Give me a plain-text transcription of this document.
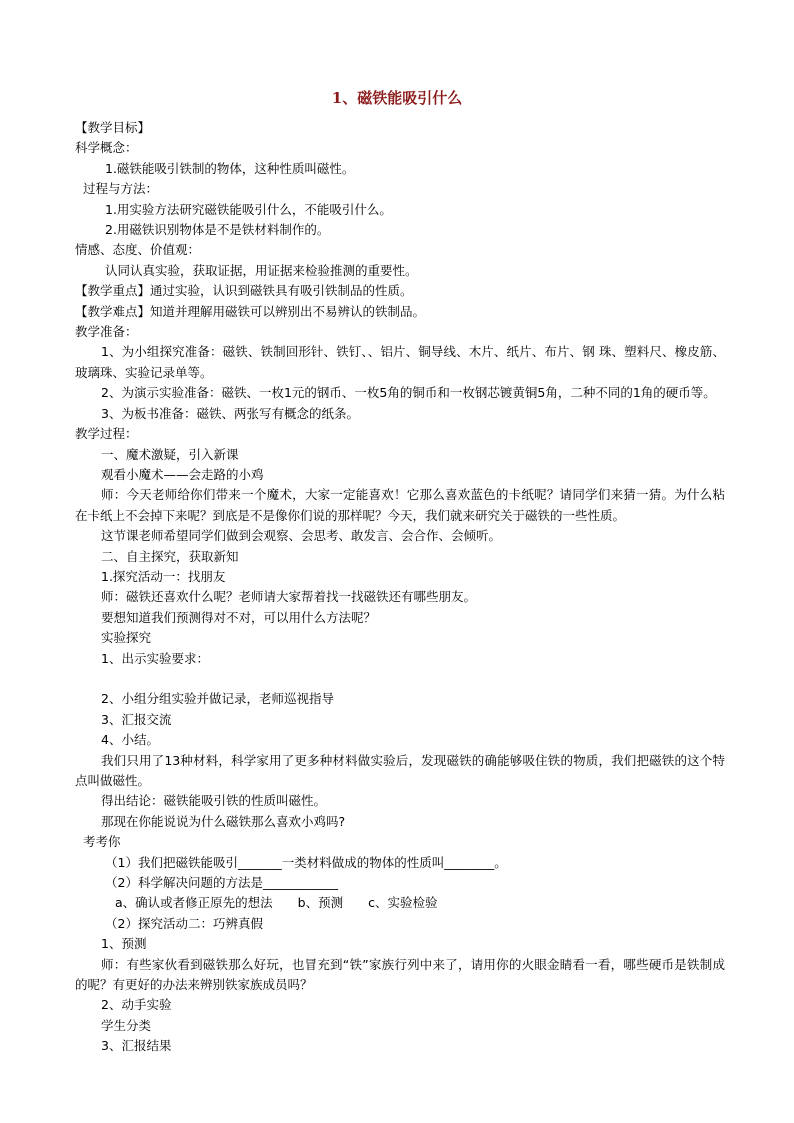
1、磁铁能吸引什么

【教学目标】

科学概念：

1.磁铁能吸引铁制的物体，这种性质叫磁性。

过程与方法：

1.用实验方法研究磁铁能吸引什么，不能吸引什么。

2.用磁铁识别物体是不是铁材料制作的。

情感、态度、价值观：

认同认真实验，获取证据，用证据来检验推测的重要性。

【教学重点】通过实验，认识到磁铁具有吸引铁制品的性质。

【教学难点】知道并理解用磁铁可以辨别出不易辨认的铁制品。

教学准备：

1、为小组探究准备：磁铁、铁制回形针、铁钉、、铝片、铜导线、木片、纸片、布片、钢 珠、塑料尺、橡皮筋、玻璃珠、实验记录单等。

2、为演示实验准备：磁铁、一枚1元的钢币、一枚5角的铜币和一枚钢芯镀黄铜5角，二种不同的1角的硬币等。

3、为板书准备：磁铁、两张写有概念的纸条。

教学过程：

一、魔术激疑，引入新课

观看小魔术——会走路的小鸡

师：今天老师给你们带来一个魔术，大家一定能喜欢！它那么喜欢蓝色的卡纸呢？请同学们来猜一猜。为什么粘在卡纸上不会掉下来呢？到底是不是像你们说的那样呢？今天，我们就来研究关于磁铁的一些性质。

这节课老师希望同学们做到会观察、会思考、敢发言、会合作、会倾听。

二、自主探究，获取新知

1.探究活动一：找朋友

师：磁铁还喜欢什么呢？老师请大家帮着找一找磁铁还有哪些朋友。

要想知道我们预测得对不对，可以用什么方法呢？

实验探究

1、出示实验要求：

2、小组分组实验并做记录，老师巡视指导

3、汇报交流

4、小结。

我们只用了13种材料，科学家用了更多种材料做实验后，发现磁铁的确能够吸住铁的物质，我们把磁铁的这个特点叫做磁性。

得出结论：磁铁能吸引铁的性质叫磁性。

那现在你能说说为什么磁铁那么喜欢小鸡吗?

考考你

（1）我们把磁铁能吸引_______一类材料做成的物体的性质叫________。

（2）科学解决问题的方法是____________

a、确认或者修正原先的想法　　b、预测　　c、实验检验

（2）探究活动二：巧辨真假

1、预测

师：有些家伙看到磁铁那么好玩，也冒充到“铁”家族行列中来了，请用你的火眼金睛看一看，哪些硬币是铁制成的呢？有更好的办法来辨别铁家族成员吗？

2、动手实验

学生分类

3、汇报结果
